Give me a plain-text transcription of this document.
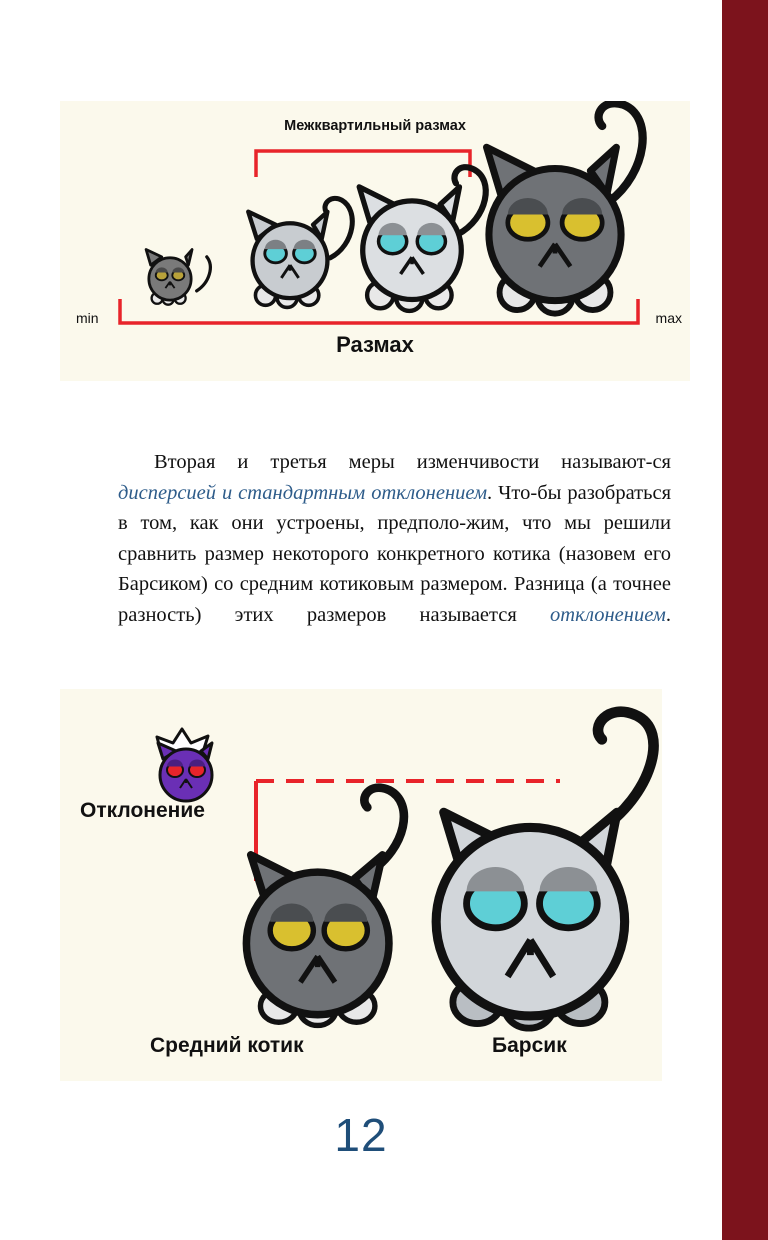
Межквартильный размах
min	max
Размах

Вторая и третья меры изменчивости называют-ся дисперсией и стандартным отклонением. Что-бы разобраться в том, как они устроены, предполо-жим, что мы решили сравнить размер некоторого конкретного котика (назовем его Барсиком) со средним котиковым размером. Разница (а точнее разность) этих размеров называется отклонением.

Отклонение
Средний котик	Барсик
12
